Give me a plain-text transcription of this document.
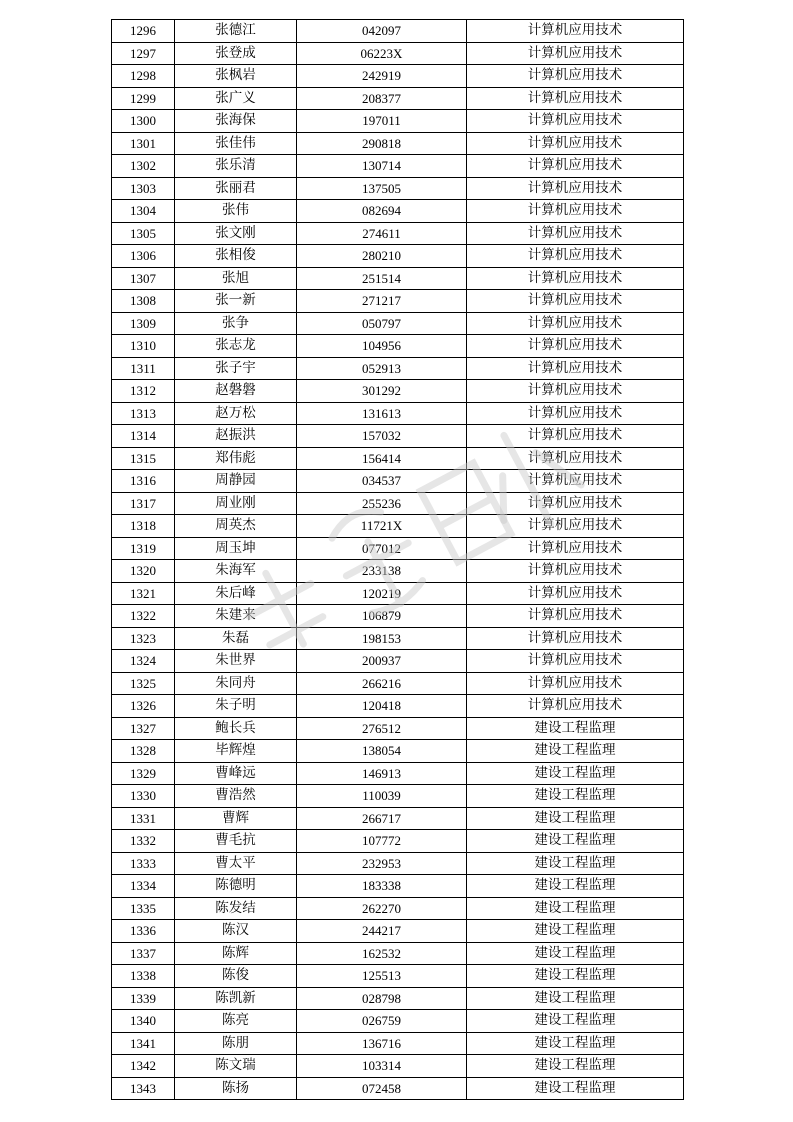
1296	张德江	042097	计算机应用技术
1297	张登成	06223X	计算机应用技术
1298	张枫岩	242919	计算机应用技术
1299	张广义	208377	计算机应用技术
1300	张海保	197011	计算机应用技术
1301	张佳伟	290818	计算机应用技术
1302	张乐清	130714	计算机应用技术
1303	张丽君	137505	计算机应用技术
1304	张伟	082694	计算机应用技术
1305	张文刚	274611	计算机应用技术
1306	张相俊	280210	计算机应用技术
1307	张旭	251514	计算机应用技术
1308	张一新	271217	计算机应用技术
1309	张争	050797	计算机应用技术
1310	张志龙	104956	计算机应用技术
1311	张子宇	052913	计算机应用技术
1312	赵磐磐	301292	计算机应用技术
1313	赵万松	131613	计算机应用技术
1314	赵振洪	157032	计算机应用技术
1315	郑伟彪	156414	计算机应用技术
1316	周静园	034537	计算机应用技术
1317	周业刚	255236	计算机应用技术
1318	周英杰	11721X	计算机应用技术
1319	周玉坤	077012	计算机应用技术
1320	朱海军	233138	计算机应用技术
1321	朱后峰	120219	计算机应用技术
1322	朱建来	106879	计算机应用技术
1323	朱磊	198153	计算机应用技术
1324	朱世界	200937	计算机应用技术
1325	朱同舟	266216	计算机应用技术
1326	朱子明	120418	计算机应用技术
1327	鲍长兵	276512	建设工程监理
1328	毕辉煌	138054	建设工程监理
1329	曹峰远	146913	建设工程监理
1330	曹浩然	110039	建设工程监理
1331	曹辉	266717	建设工程监理
1332	曹毛抗	107772	建设工程监理
1333	曹太平	232953	建设工程监理
1334	陈德明	183338	建设工程监理
1335	陈发结	262270	建设工程监理
1336	陈汉	244217	建设工程监理
1337	陈辉	162532	建设工程监理
1338	陈俊	125513	建设工程监理
1339	陈凯新	028798	建设工程监理
1340	陈亮	026759	建设工程监理
1341	陈朋	136716	建设工程监理
1342	陈文瑞	103314	建设工程监理
1343	陈扬	072458	建设工程监理
